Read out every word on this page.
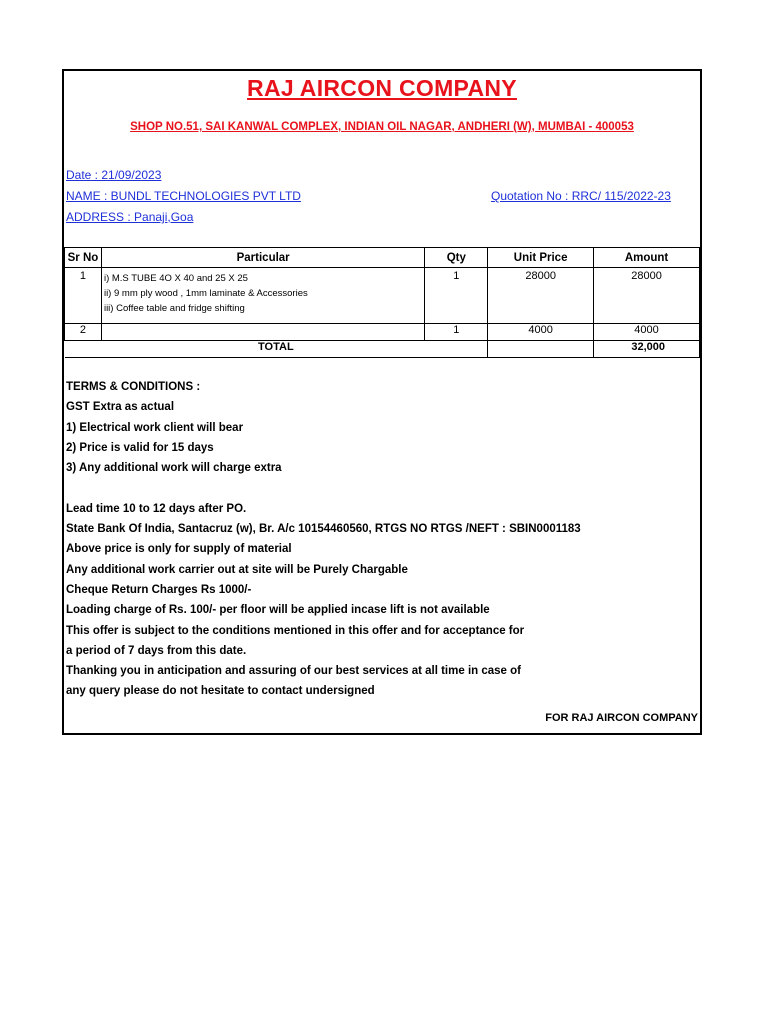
RAJ AIRCON COMPANY
SHOP NO.51, SAI KANWAL COMPLEX, INDIAN OIL NAGAR, ANDHERI (W), MUMBAI - 400053
Date : 21/09/2023
NAME : BUNDL TECHNOLOGIES PVT LTD	Quotation No : RRC/ 115/2022-23
ADDRESS : Panaji,Goa
Sr No	Particular	Qty	Unit Price	Amount
1	i) M.S TUBE 4O X 40 and 25 X 25
ii) 9 mm ply wood , 1mm laminate & Accessories
iii) Coffee table and fridge shifting	1	28000	28000
2		1	4000	4000
TOTAL				32,000
TERMS & CONDITIONS :
GST Extra as actual
1) Electrical work client will bear
2) Price is valid for 15 days
3) Any additional work will charge extra
Lead time 10 to 12 days after PO.
State Bank Of India, Santacruz (w), Br. A/c 10154460560, RTGS NO RTGS /NEFT : SBIN0001183
Above price is only for supply of material
Any additional work carrier out at site will be Purely Chargable
Cheque Return Charges Rs 1000/-
Loading charge of Rs. 100/- per floor will be applied incase lift is not available
This offer is subject to the conditions mentioned in this offer and for acceptance for
a period of 7 days from this date.
Thanking you in anticipation and assuring of our best services at all time in case of
any query please do not hesitate to contact undersigned
FOR RAJ AIRCON COMPANY
